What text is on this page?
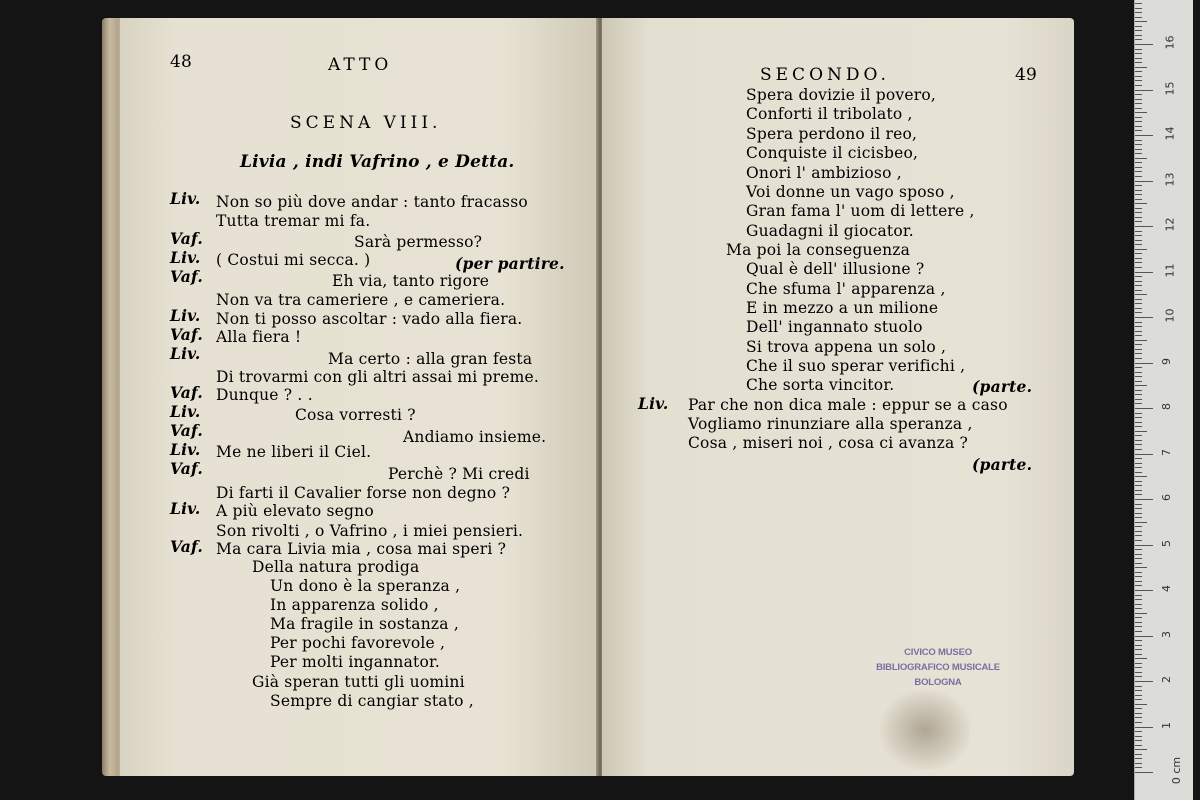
48	ATTO
SCENA VIII.
Livia , indi Vafrino , e Detta.
Liv. Non so più dove andar : tanto fracasso
Tutta tremar mi fa.
Vaf.	Sarà permesso?
Liv. ( Costui mi secca. )	(per partire.
Vaf.	Eh via, tanto rigore
Non va tra cameriere , e cameriera.
Liv. Non ti posso ascoltar : vado alla fiera.
Vaf. Alla fiera !
Liv.	Ma certo : alla gran festa
Di trovarmi con gli altri assai mi preme.
Vaf. Dunque ? . .
Liv.	Cosa vorresti ?
Vaf.	Andiamo insieme.
Liv. Me ne liberi il Ciel.
Vaf.	Perchè ? Mi credi
Di farti il Cavalier forse non degno ?
Liv. A più elevato segno
Son rivolti , o Vafrino , i miei pensieri.
Vaf. Ma cara Livia mia , cosa mai speri ?
Della natura prodiga
Un dono è la speranza ,
In apparenza solido ,
Ma fragile in sostanza ,
Per pochi favorevole ,
Per molti ingannator.
Già speran tutti gli uomini
Sempre di cangiar stato ,
SECONDO.	49
Spera dovizie il povero,
Conforti il tribolato ,
Spera perdono il reo,
Conquiste il cicisbeo,
Onori l' ambizioso ,
Voi donne un vago sposo ,
Gran fama l' uom di lettere ,
Guadagni il giocator.
Ma poi la conseguenza
Qual è dell' illusione ?
Che sfuma l' apparenza ,
E in mezzo a un milione
Dell' ingannato stuolo
Si trova appena un solo ,
Che il suo sperar verifichi ,
Che sorta vincitor.	(parte.
Liv. Par che non dica male : eppur se a caso
Vogliamo rinunziare alla speranza ,
Cosa , miseri noi , cosa ci avanza ?
(parte.
CIVICO MUSEO
BIBLIOGRAFICO MUSICALE
BOLOGNA
0 cm
1
2
3
4
5
6
7
8
9
10
11
12
13
14
15
16
